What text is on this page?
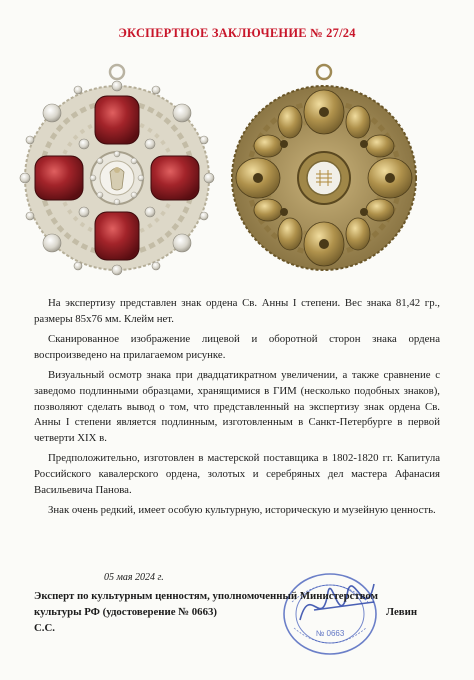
ЭКСПЕРТНОЕ ЗАКЛЮЧЕНИЕ № 27/24

На экспертизу представлен знак ордена Св. Анны I степени. Вес знака 81,42 гр., размеры 85х76 мм. Клейм нет.

Сканированное изображение лицевой и оборотной сторон знака ордена воспроизведено на прилагаемом рисунке.

Визуальный осмотр знака при двадцатикратном увеличении, а также сравнение с заведомо подлинными образцами, хранящимися в ГИМ (несколько подобных знаков), позволяют сделать вывод о том, что представленный на экспертизу знак ордена Св. Анны I степени является подлинным, изготовленным в Санкт-Петербурге в первой четверти XIX в.

Предположительно, изготовлен в мастерской поставщика в 1802-1820 гг. Капитула Российского кавалерского ордена, золотых и серебряных дел мастера Афанасия Васильевича Панова.

Знак очень редкий, имеет особую культурную, историческую и музейную ценность.

05 мая 2024 г.
№ 0663
Эксперт по культурным ценностям, уполномоченный Министерством
культуры РФ (удостоверение № 0663)	Левин
С.С.
